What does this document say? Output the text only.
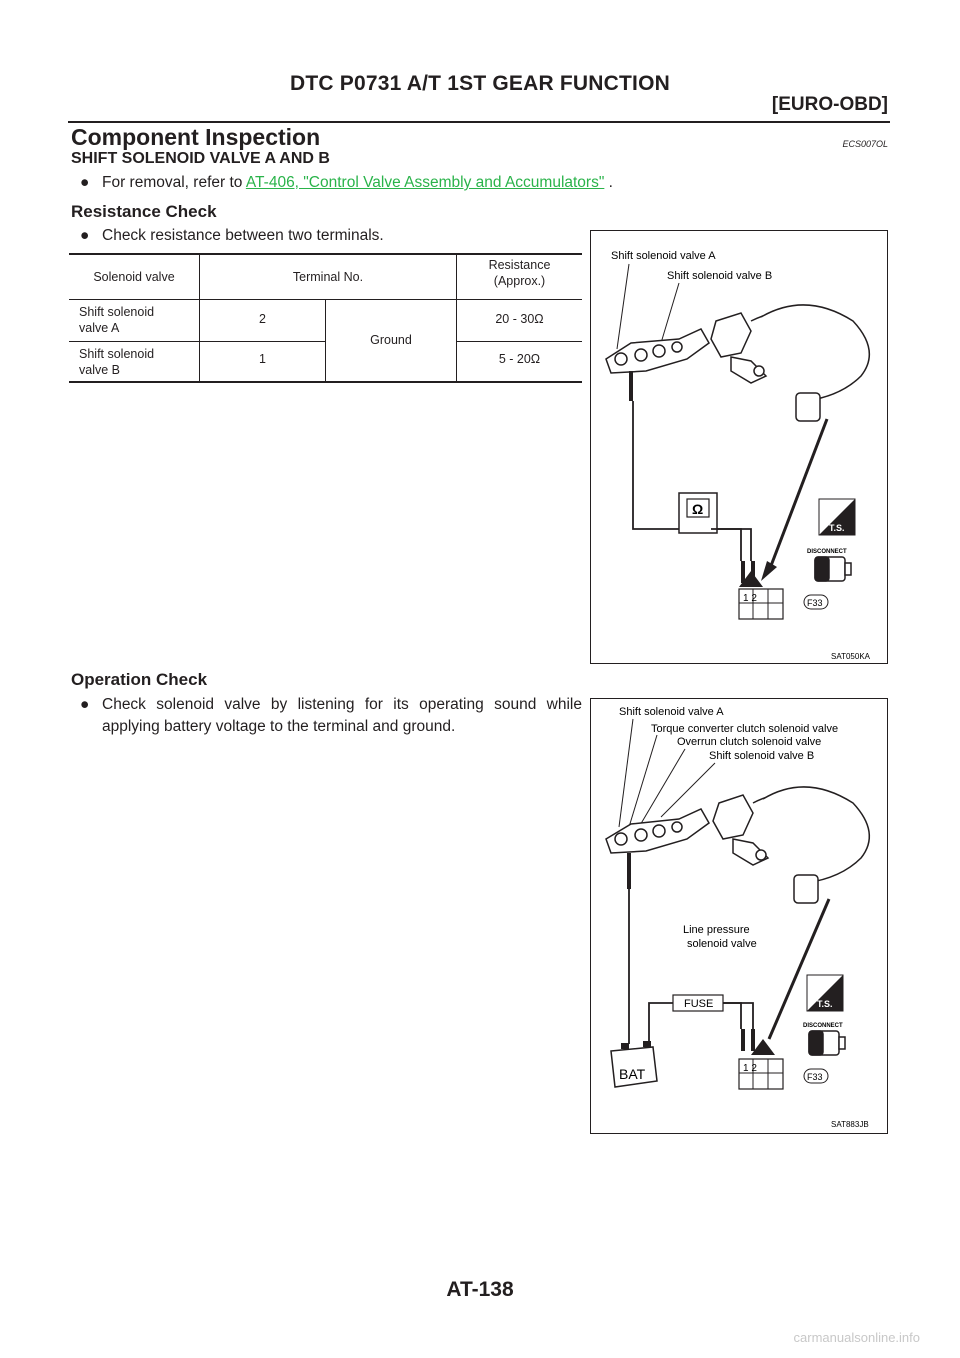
DTC P0731 A/T 1ST GEAR FUNCTION
[EURO-OBD]
Component Inspection	ECS007OL
SHIFT SOLENOID VALVE A AND B
● For removal, refer to AT-406, "Control Valve Assembly and Accumulators" .
Resistance Check
● Check resistance between two terminals.
Solenoid valve	Terminal No.		Resistance
(Approx.)
Shift solenoid
valve A	2	Ground	20 - 30Ω
Shift solenoid
valve B	1		5 - 20Ω
Shift solenoid valve A
Shift solenoid valve B
Ω
1 2	F33
T.S.
DISCONNECT
SAT050KA
Operation Check
● Check solenoid valve by listening for its operating sound while
applying battery voltage to the terminal and ground.
Shift solenoid valve A
Torque converter clutch solenoid valve
Overrun clutch solenoid valve
Shift solenoid valve B
Line pressure
solenoid valve
FUSE
BAT	1 2
F33
T.S.
DISCONNECT
SAT883JB
AT-138
carmanualsonline.info
